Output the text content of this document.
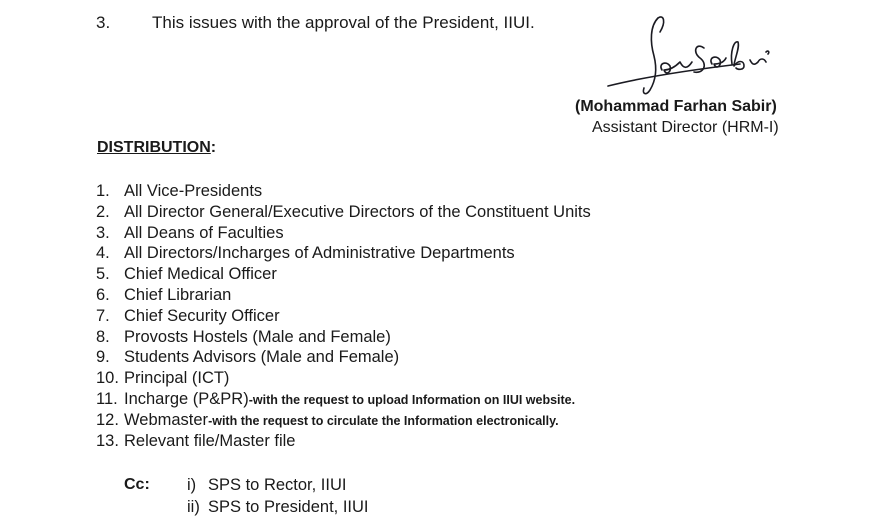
3. This issues with the approval of the President, IIUI.
(Mohammad Farhan Sabir)
Assistant Director (HRM-I)
DISTRIBUTION:
1. All Vice-Presidents
2. All Director General/Executive Directors of the Constituent Units
3. All Deans of Faculties
4. All Directors/Incharges of Administrative Departments
5. Chief Medical Officer
6. Chief Librarian
7. Chief Security Officer
8. Provosts Hostels (Male and Female)
9. Students Advisors (Male and Female)
10. Principal (ICT)
11. Incharge (P&PR)-with the request to upload Information on IIUI website.
12. Webmaster-with the request to circulate the Information electronically.
13. Relevant file/Master file
Cc: i) SPS to Rector, IIUI
ii) SPS to President, IIUI
